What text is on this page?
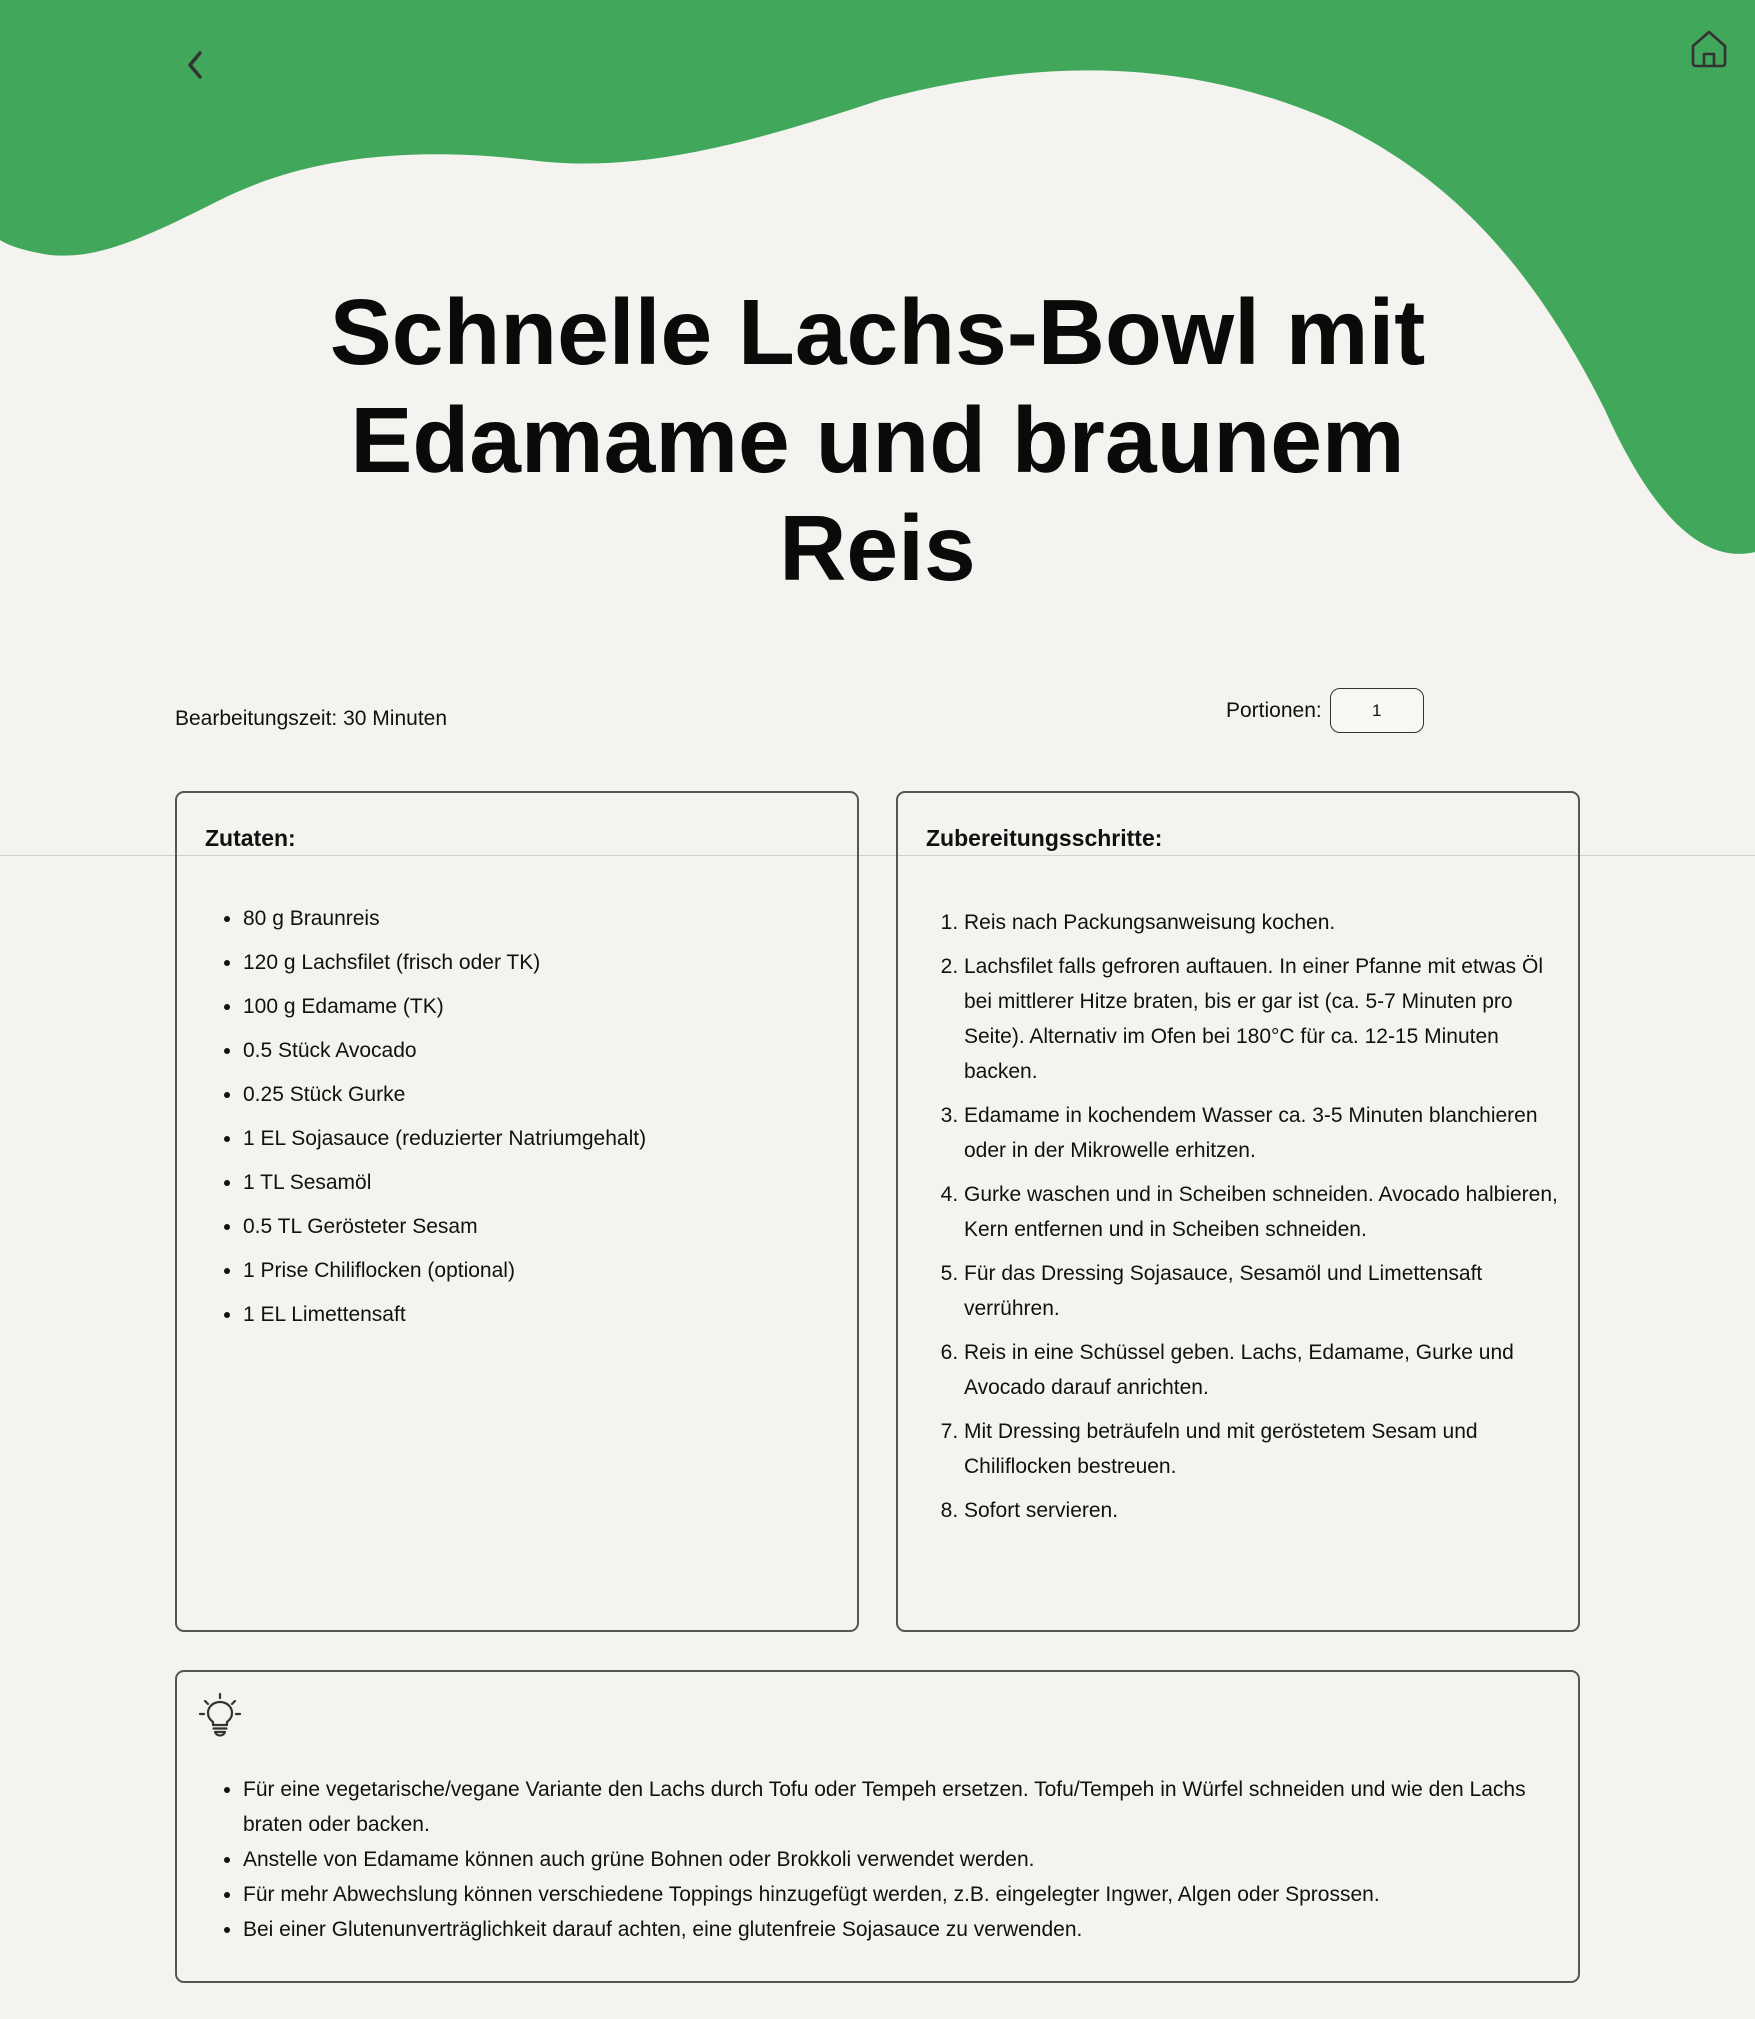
Schnelle Lachs-Bowl mit Edamame und braunem Reis
Bearbeitungszeit: 30 Minuten	Portionen:
1
Zutaten:
• 80 g Braunreis
• 120 g Lachsfilet (frisch oder TK)
• 100 g Edamame (TK)
• 0.5 Stück Avocado
• 0.25 Stück Gurke
• 1 EL Sojasauce (reduzierter Natriumgehalt)
• 1 TL Sesamöl
• 0.5 TL Gerösteter Sesam
• 1 Prise Chiliflocken (optional)
• 1 EL Limettensaft
Zubereitungsschritte:
1. Reis nach Packungsanweisung kochen.
2. Lachsfilet falls gefroren auftauen. In einer Pfanne mit etwas Öl bei mittlerer Hitze braten, bis er gar ist (ca. 5-7 Minuten pro Seite). Alternativ im Ofen bei 180°C für ca. 12-15 Minuten backen.
3. Edamame in kochendem Wasser ca. 3-5 Minuten blanchieren oder in der Mikrowelle erhitzen.
4. Gurke waschen und in Scheiben schneiden. Avocado halbieren, Kern entfernen und in Scheiben schneiden.
5. Für das Dressing Sojasauce, Sesamöl und Limettensaft verrühren.
6. Reis in eine Schüssel geben. Lachs, Edamame, Gurke und Avocado darauf anrichten.
7. Mit Dressing beträufeln und mit geröstetem Sesam und Chiliflocken bestreuen.
8. Sofort servieren.
• Für eine vegetarische/vegane Variante den Lachs durch Tofu oder Tempeh ersetzen. Tofu/Tempeh in Würfel schneiden und wie den Lachs braten oder backen.
• Anstelle von Edamame können auch grüne Bohnen oder Brokkoli verwendet werden.
• Für mehr Abwechslung können verschiedene Toppings hinzugefügt werden, z.B. eingelegter Ingwer, Algen oder Sprossen.
• Bei einer Glutenunverträglichkeit darauf achten, eine glutenfreie Sojasauce zu verwenden.
